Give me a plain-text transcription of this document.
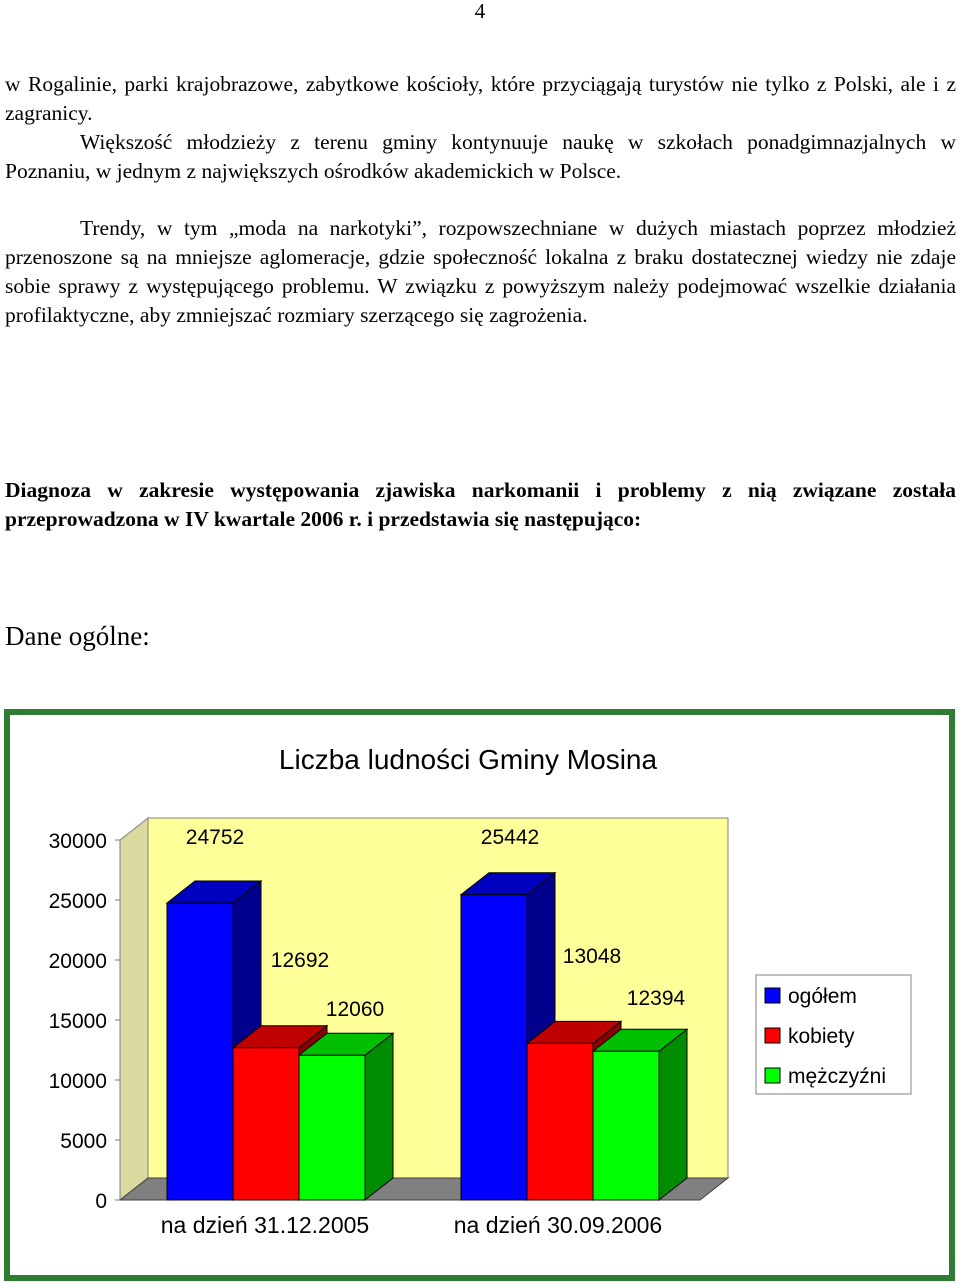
4

w Rogalinie, parki krajobrazowe, zabytkowe kościoły, które przyciągają turystów nie tylko z Polski, ale i z zagranicy.

Większość młodzieży z terenu gminy kontynuuje naukę w szkołach ponadgimnazjalnych w Poznaniu, w jednym z największych ośrodków akademickich w Polsce.

Trendy, w tym „moda na narkotyki”, rozpowszechniane w dużych miastach poprzez młodzież przenoszone są na mniejsze aglomeracje, gdzie społeczność lokalna z braku dostatecznej wiedzy nie zdaje sobie sprawy z występującego problemu. W związku z powyższym należy podejmować wszelkie działania profilaktyczne, aby zmniejszać rozmiary szerzącego się zagrożenia.

Diagnoza w zakresie występowania zjawiska narkomanii i problemy z nią związane została przeprowadzona w IV kwartale 2006 r. i przedstawia się następująco:

Dane ogólne:

0
5000
10000
15000
20000
25000
30000
Liczba ludności Gminy Mosina
24752
12692
12060
na dzień 31.12.2005
25442
13048
12394
na dzień 30.09.2006
ogółem
kobiety
mężczyźni
